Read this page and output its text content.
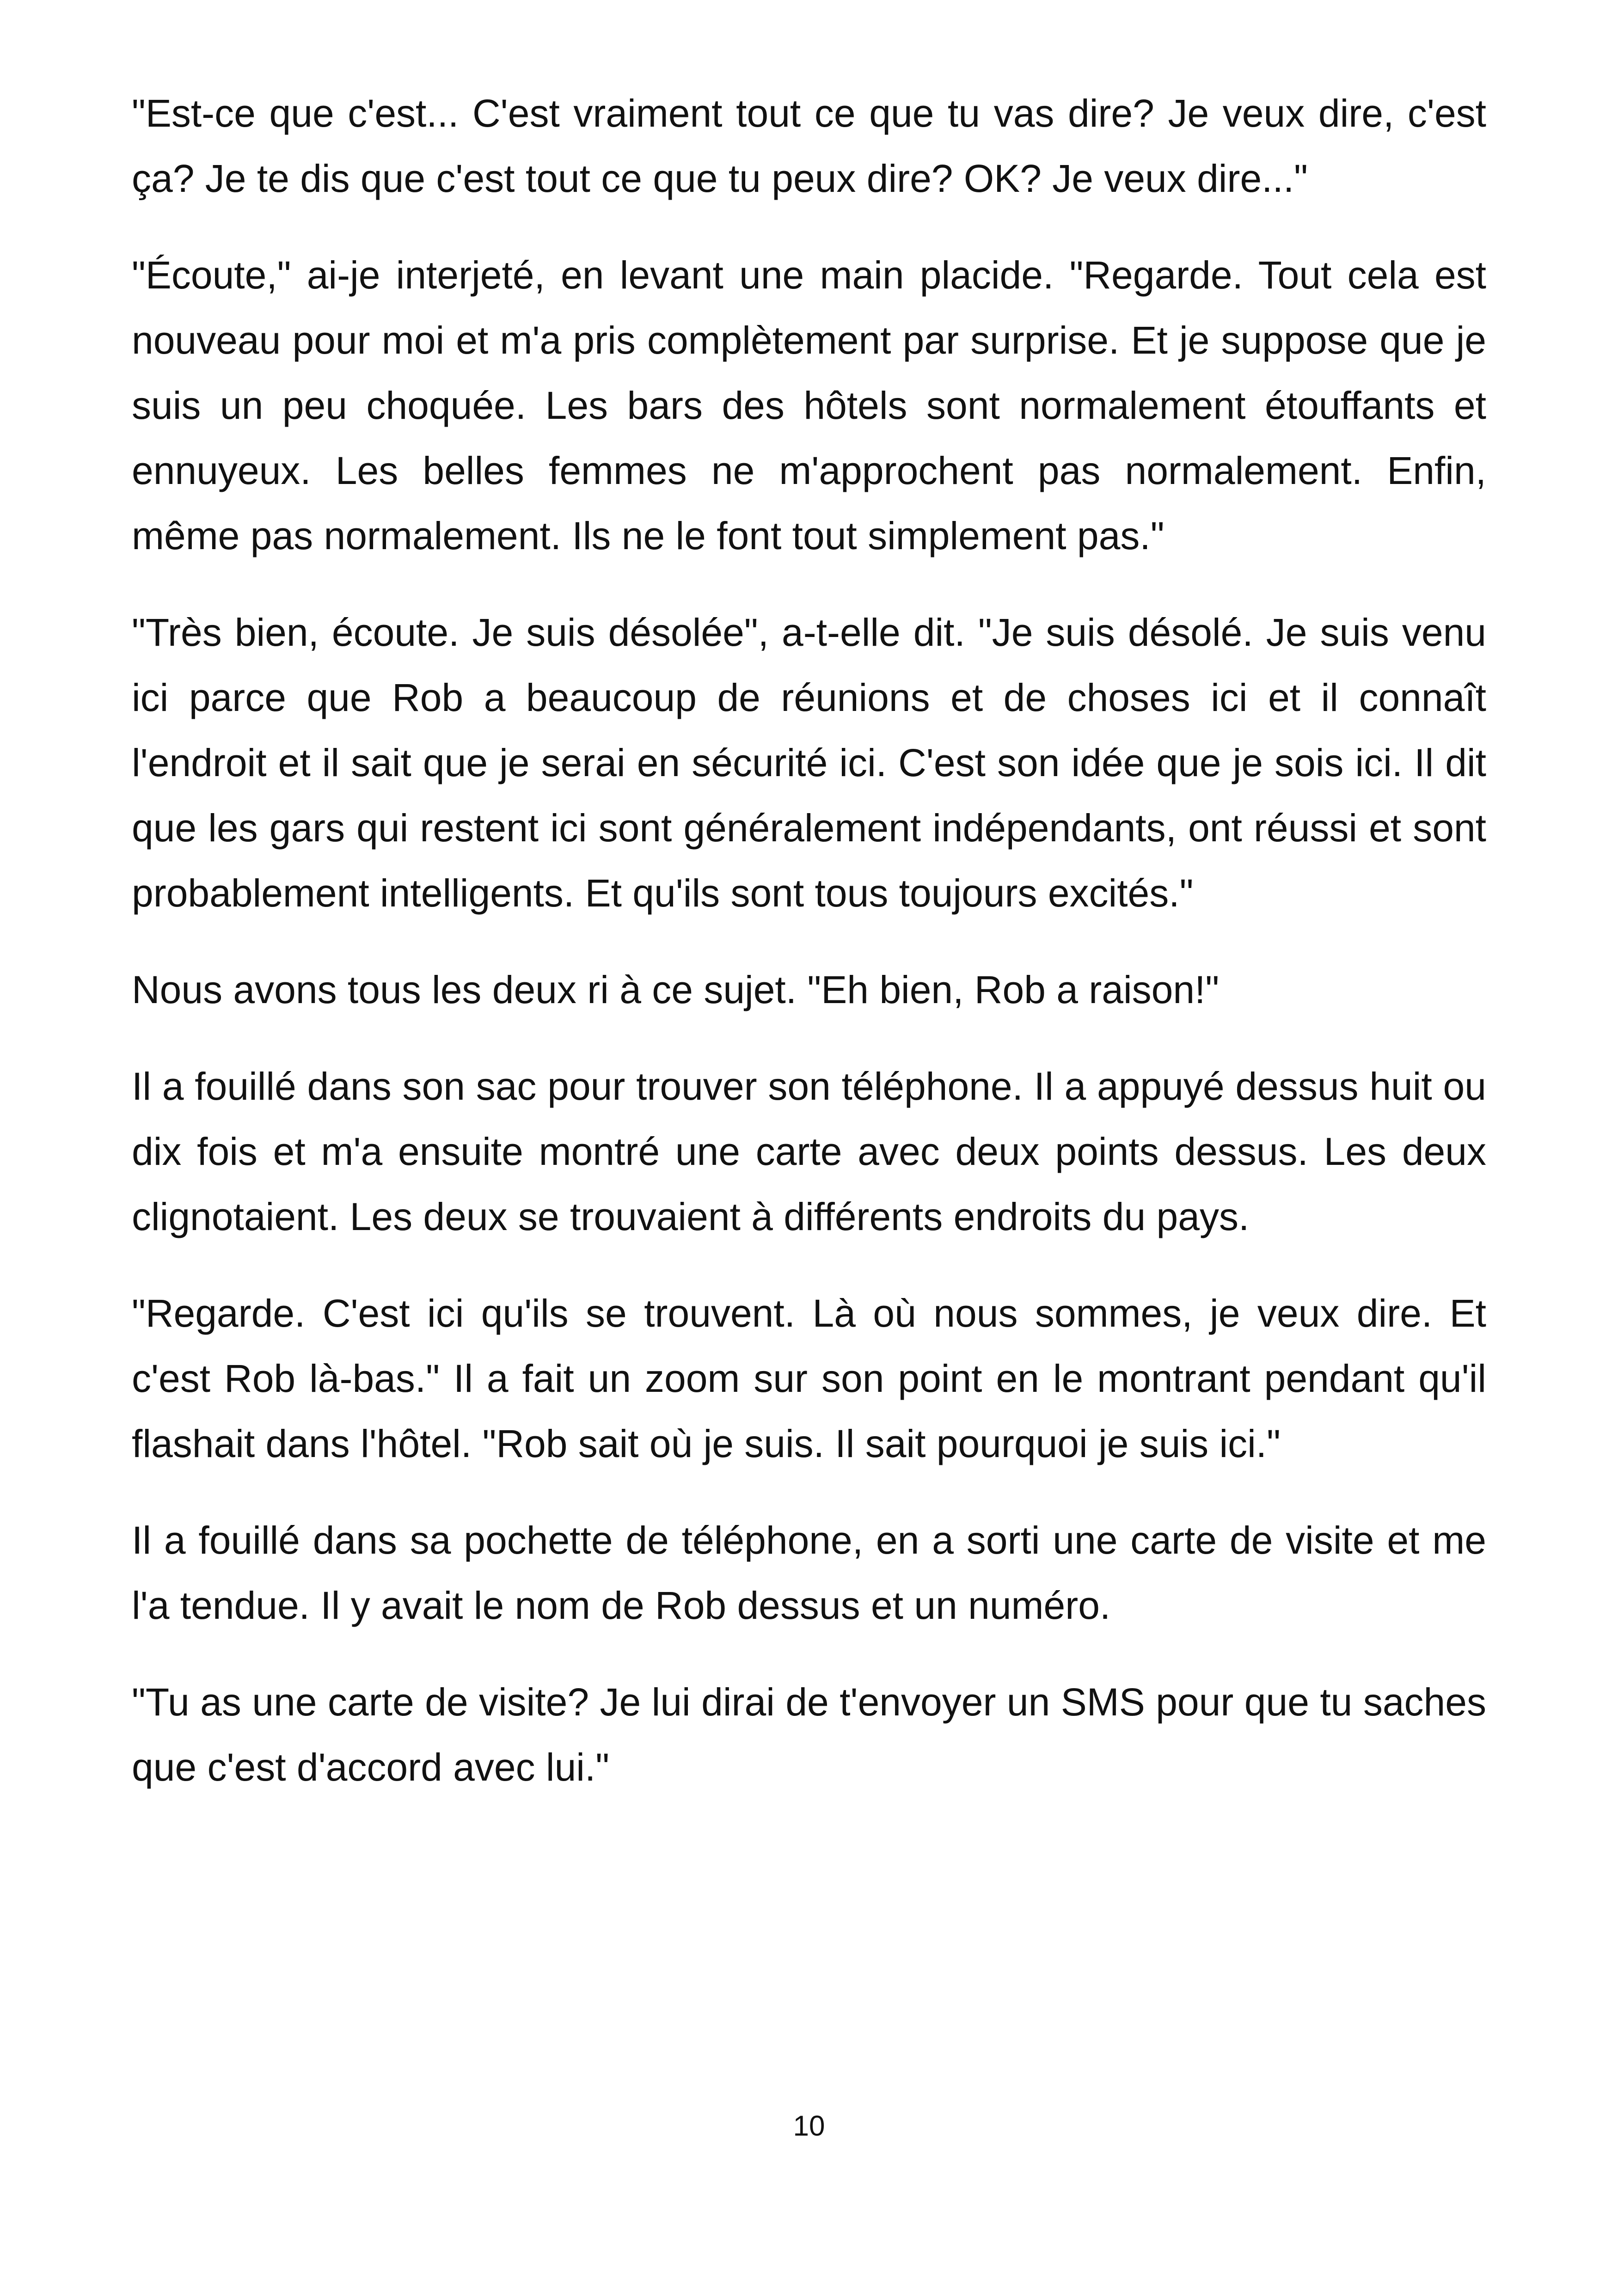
"Est-ce que c'est... C'est vraiment tout ce que tu vas dire? Je veux dire, c'est ça? Je te dis que c'est tout ce que tu peux dire? OK? Je veux dire..."

"Écoute," ai-je interjeté, en levant une main placide. "Regarde. Tout cela est nouveau pour moi et m'a pris complètement par surprise. Et je suppose que je suis un peu choquée. Les bars des hôtels sont normalement étouffants et ennuyeux. Les belles femmes ne m'approchent pas normalement. Enfin, même pas normalement. Ils ne le font tout simplement pas."

"Très bien, écoute. Je suis désolée", a-t-elle dit. "Je suis désolé. Je suis venu ici parce que Rob a beaucoup de réunions et de choses ici et il connaît l'endroit et il sait que je serai en sécurité ici. C'est son idée que je sois ici. Il dit que les gars qui restent ici sont généralement indépendants, ont réussi et sont probablement intelligents. Et qu'ils sont tous toujours excités."

Nous avons tous les deux ri à ce sujet. "Eh bien, Rob a raison!"

Il a fouillé dans son sac pour trouver son téléphone. Il a appuyé dessus huit ou dix fois et m'a ensuite montré une carte avec deux points dessus. Les deux clignotaient. Les deux se trouvaient à différents endroits du pays.

"Regarde. C'est ici qu'ils se trouvent. Là où nous sommes, je veux dire. Et c'est Rob là-bas." Il a fait un zoom sur son point en le montrant pendant qu'il flashait dans l'hôtel. "Rob sait où je suis. Il sait pourquoi je suis ici."

Il a fouillé dans sa pochette de téléphone, en a sorti une carte de visite et me l'a tendue. Il y avait le nom de Rob dessus et un numéro.

"Tu as une carte de visite? Je lui dirai de t'envoyer un SMS pour que tu saches que c'est d'accord avec lui."

10
